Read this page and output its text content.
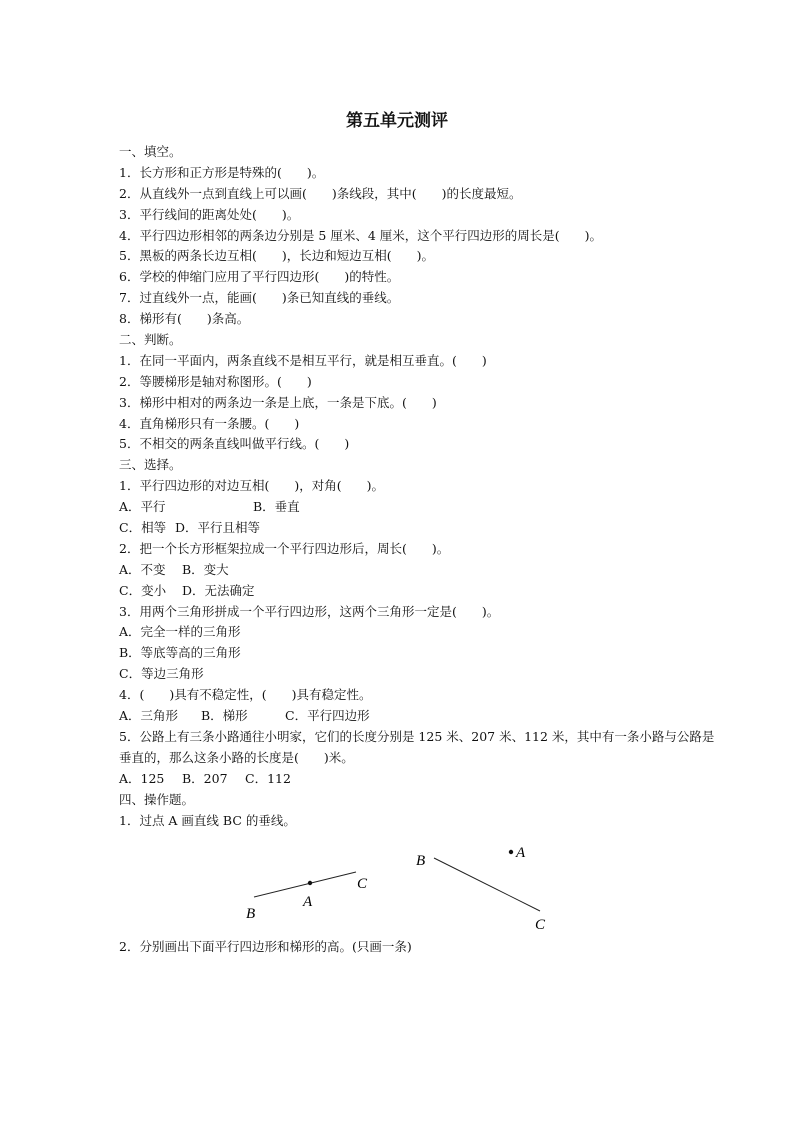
第五单元测评
一、填空。
1．长方形和正方形是特殊的(　　)。
2．从直线外一点到直线上可以画(　　)条线段，其中(　　)的长度最短。
3．平行线间的距离处处(　　)。
4．平行四边形相邻的两条边分别是 5 厘米、4 厘米，这个平行四边形的周长是(　　)。
5．黑板的两条长边互相(　　)，长边和短边互相(　　)。
6．学校的伸缩门应用了平行四边形(　　)的特性。
7．过直线外一点，能画(　　)条已知直线的垂线。
8．梯形有(　　)条高。
二、判断。
1．在同一平面内，两条直线不是相互平行，就是相互垂直。(　　)
2．等腰梯形是轴对称图形。(　　)
3．梯形中相对的两条边一条是上底，一条是下底。(　　)
4．直角梯形只有一条腰。(　　)
5．不相交的两条直线叫做平行线。(　　)
三、选择。
1．平行四边形的对边互相(　　)，对角(　　)。
A．平行	B．垂直
C．相等 D．平行且相等
2．把一个长方形框架拉成一个平行四边形后，周长(　　)。
A．不变 B．变大
C．变小 D．无法确定
3．用两个三角形拼成一个平行四边形，这两个三角形一定是(　　)。
A．完全一样的三角形
B．等底等高的三角形
C．等边三角形
4．(　　)具有不稳定性，(　　)具有稳定性。
A．三角形 B．梯形	C．平行四边形
5．公路上有三条小路通往小明家，它们的长度分别是 125 米、207 米、112 米，其中有一条小路与公路是垂直的，那么这条小路的长度是(　　)米。
A．125 B．207 C．112
四、操作题。
1．过点 A 画直线 BC 的垂线。
B
A
C
B	A
C
2．分别画出下面平行四边形和梯形的高。(只画一条)
